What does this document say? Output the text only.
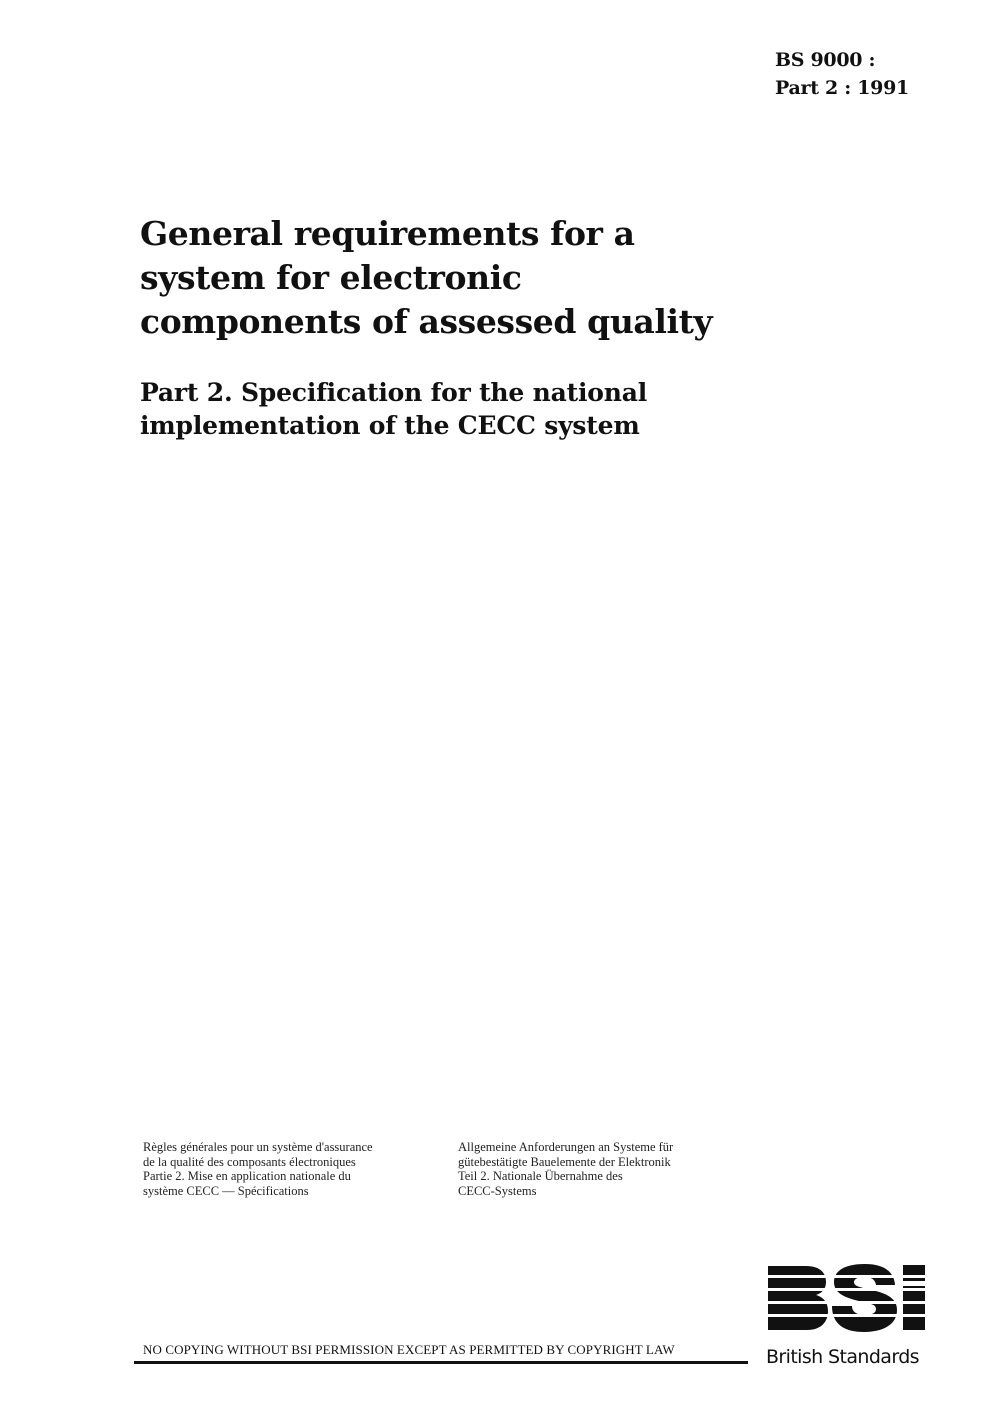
BS 9000 :
Part 2 : 1991
General requirements for a
system for electronic
components of assessed quality
Part 2. Specification for the national
implementation of the CECC system
Règles générales pour un système d'assurance
de la qualité des composants électroniques
Partie 2. Mise en application nationale du
système CECC — Spécifications
Allgemeine Anforderungen an Systeme für
gütebestätigte Bauelemente der Elektronik
Teil 2. Nationale Übernahme des
CECC-Systems
NO COPYING WITHOUT BSI PERMISSION EXCEPT AS PERMITTED BY COPYRIGHT LAW	British Standards
